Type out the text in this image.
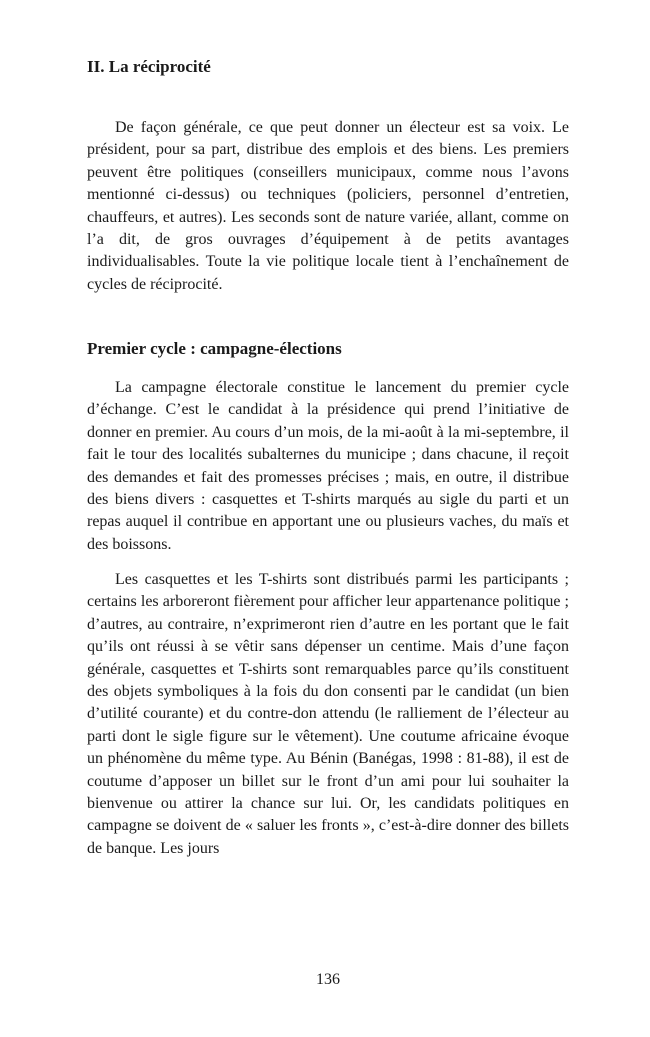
II. La réciprocité

De façon générale, ce que peut donner un électeur est sa voix. Le président, pour sa part, distribue des emplois et des biens. Les premiers peuvent être politiques (conseillers municipaux, comme nous l’avons mentionné ci-dessus) ou techniques (policiers, personnel d’entretien, chauffeurs, et autres). Les seconds sont de nature variée, allant, comme on l’a dit, de gros ouvrages d’équipement à de petits avantages individualisables. Toute la vie politique locale tient à l’enchaînement de cycles de réciprocité.

Premier cycle : campagne-élections

La campagne électorale constitue le lancement du premier cycle d’échange. C’est le candidat à la présidence qui prend l’initiative de donner en premier. Au cours d’un mois, de la mi-août à la mi-septembre, il fait le tour des localités subalternes du municipe ; dans chacune, il reçoit des demandes et fait des promesses précises ; mais, en outre, il distribue des biens divers : casquettes et T-shirts marqués au sigle du parti et un repas auquel il contribue en apportant une ou plusieurs vaches, du maïs et des boissons.

Les casquettes et les T-shirts sont distribués parmi les participants ; certains les arboreront fièrement pour afficher leur appartenance politique ; d’autres, au contraire, n’exprimeront rien d’autre en les portant que le fait qu’ils ont réussi à se vêtir sans dépenser un centime. Mais d’une façon générale, casquettes et T-shirts sont remarquables parce qu’ils constituent des objets symboliques à la fois du don consenti par le candidat (un bien d’utilité courante) et du contre-don attendu (le ralliement de l’électeur au parti dont le sigle figure sur le vêtement). Une coutume africaine évoque un phénomène du même type. Au Bénin (Banégas, 1998 : 81-88), il est de coutume d’apposer un billet sur le front d’un ami pour lui souhaiter la bienvenue ou attirer la chance sur lui. Or, les candidats politiques en campagne se doivent de « saluer les fronts », c’est-à-dire donner des billets de banque. Les jours

136
